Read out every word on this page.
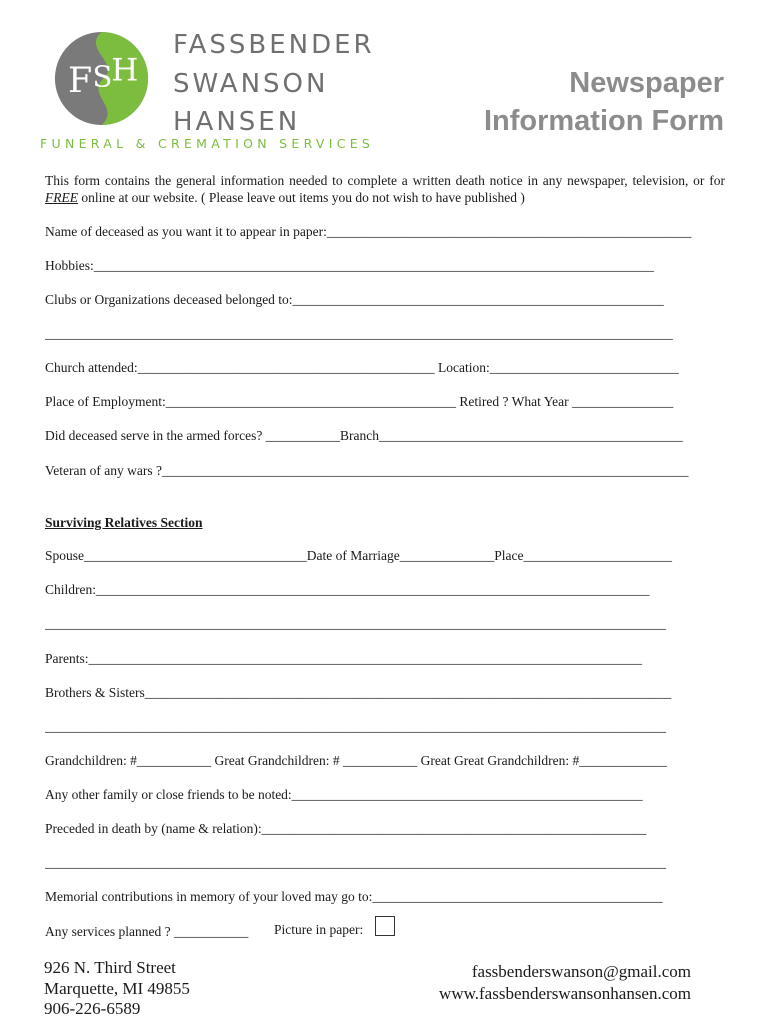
F S
H
FASSBENDER
SWANSON
HANSEN
FUNERAL & CREMATION SERVICES
Newspaper
Information Form
This form contains the general information needed to complete a written death notice in any newspaper, television, or for FREE online at our website. ( Please leave out items you do not wish to have published )
Name of deceased as you want it to appear in paper:______________________________________________________
Hobbies:___________________________________________________________________________________
Clubs or Organizations deceased belonged to:_______________________________________________________
_____________________________________________________________________________________________
Church attended:____________________________________________ Location:____________________________
Place of Employment:___________________________________________ Retired ? What Year _______________
Did deceased serve in the armed forces? ___________Branch_____________________________________________
Veteran of any wars ?______________________________________________________________________________
Surviving Relatives Section
Spouse_________________________________Date of Marriage______________Place______________________
Children:__________________________________________________________________________________
____________________________________________________________________________________________
Parents:__________________________________________________________________________________
Brothers & Sisters______________________________________________________________________________
____________________________________________________________________________________________
Grandchildren: #___________ Great Grandchildren: # ___________ Great Great Grandchildren: #_____________
Any other family or close friends to be noted:____________________________________________________
Preceded in death by (name & relation):_________________________________________________________
____________________________________________________________________________________________
Memorial contributions in memory of your loved may go to:___________________________________________
Any services planned ? ___________	Picture in paper:
926 N. Third Street
Marquette, MI 49855
906-226-6589
fassbenderswanson@gmail.com
www.fassbenderswansonhansen.com
